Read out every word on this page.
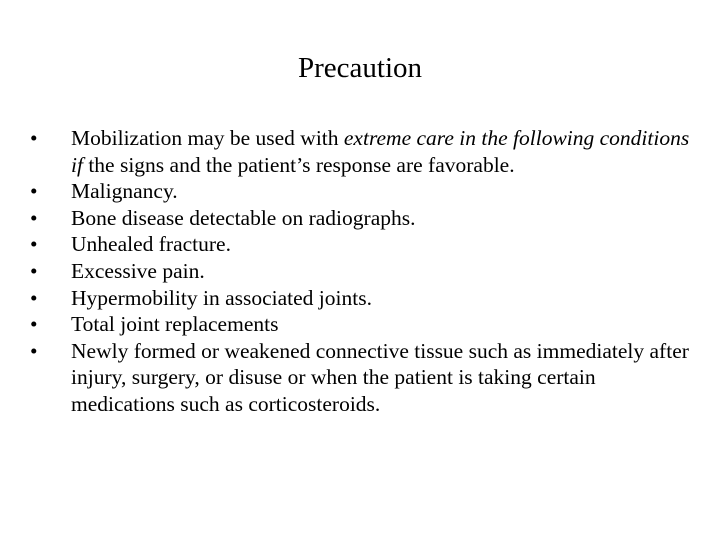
Precaution
•	Mobilization may be used with extreme care in the following conditions if the signs and the patient’s response are favorable.
•	Malignancy.
•	Bone disease detectable on radiographs.
•	Unhealed fracture.
•	Excessive pain.
•	Hypermobility in associated joints.
•	Total joint replacements
•	Newly formed or weakened connective tissue such as immediately after injury, surgery, or disuse or when the patient is taking certain medications such as corticosteroids.
